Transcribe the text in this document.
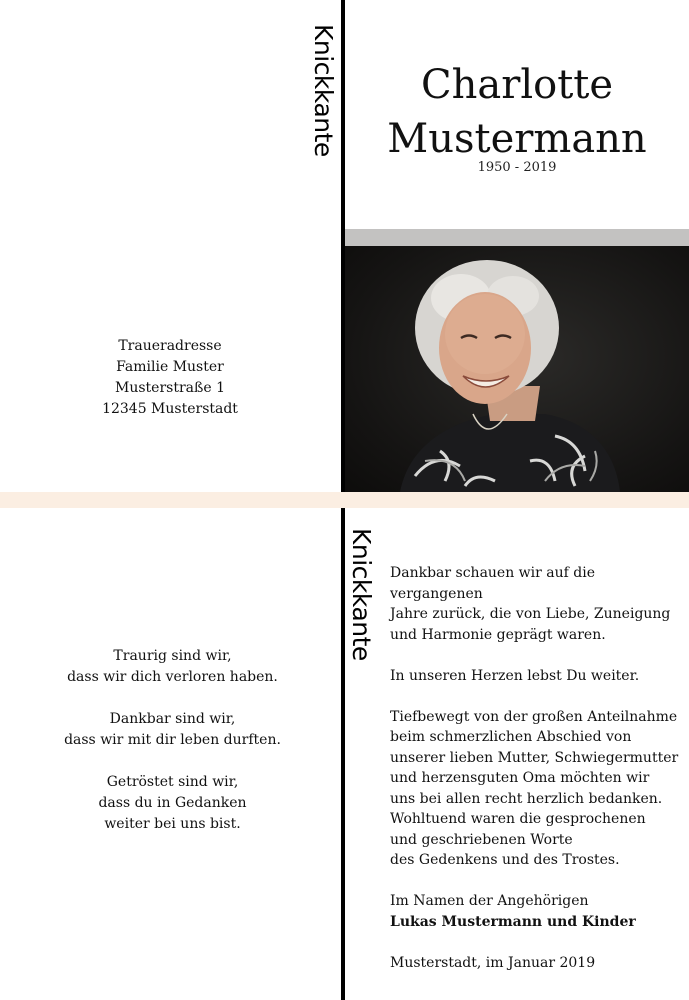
Knickkante
Knickkante
Charlotte
Mustermann
1950 - 2019
Traueradresse
Familie Muster
Musterstraße 1
12345 Musterstadt

Traurig sind wir,
dass wir dich verloren haben.

Dankbar sind wir,
dass wir mit dir leben durften.

Getröstet sind wir,
dass du in Gedanken
weiter bei uns bist.

Dankbar schauen wir auf die vergangenen
Jahre zurück, die von Liebe, Zuneigung
und Harmonie geprägt waren.

In unseren Herzen lebst Du weiter.

Tiefbewegt von der großen Anteilnahme
beim schmerzlichen Abschied von
unserer lieben Mutter, Schwiegermutter
und herzensguten Oma möchten wir
uns bei allen recht herzlich bedanken.
Wohltuend waren die gesprochenen
und geschriebenen Worte
des Gedenkens und des Trostes.

Im Namen der Angehörigen
Lukas Mustermann und Kinder

Musterstadt, im Januar 2019
